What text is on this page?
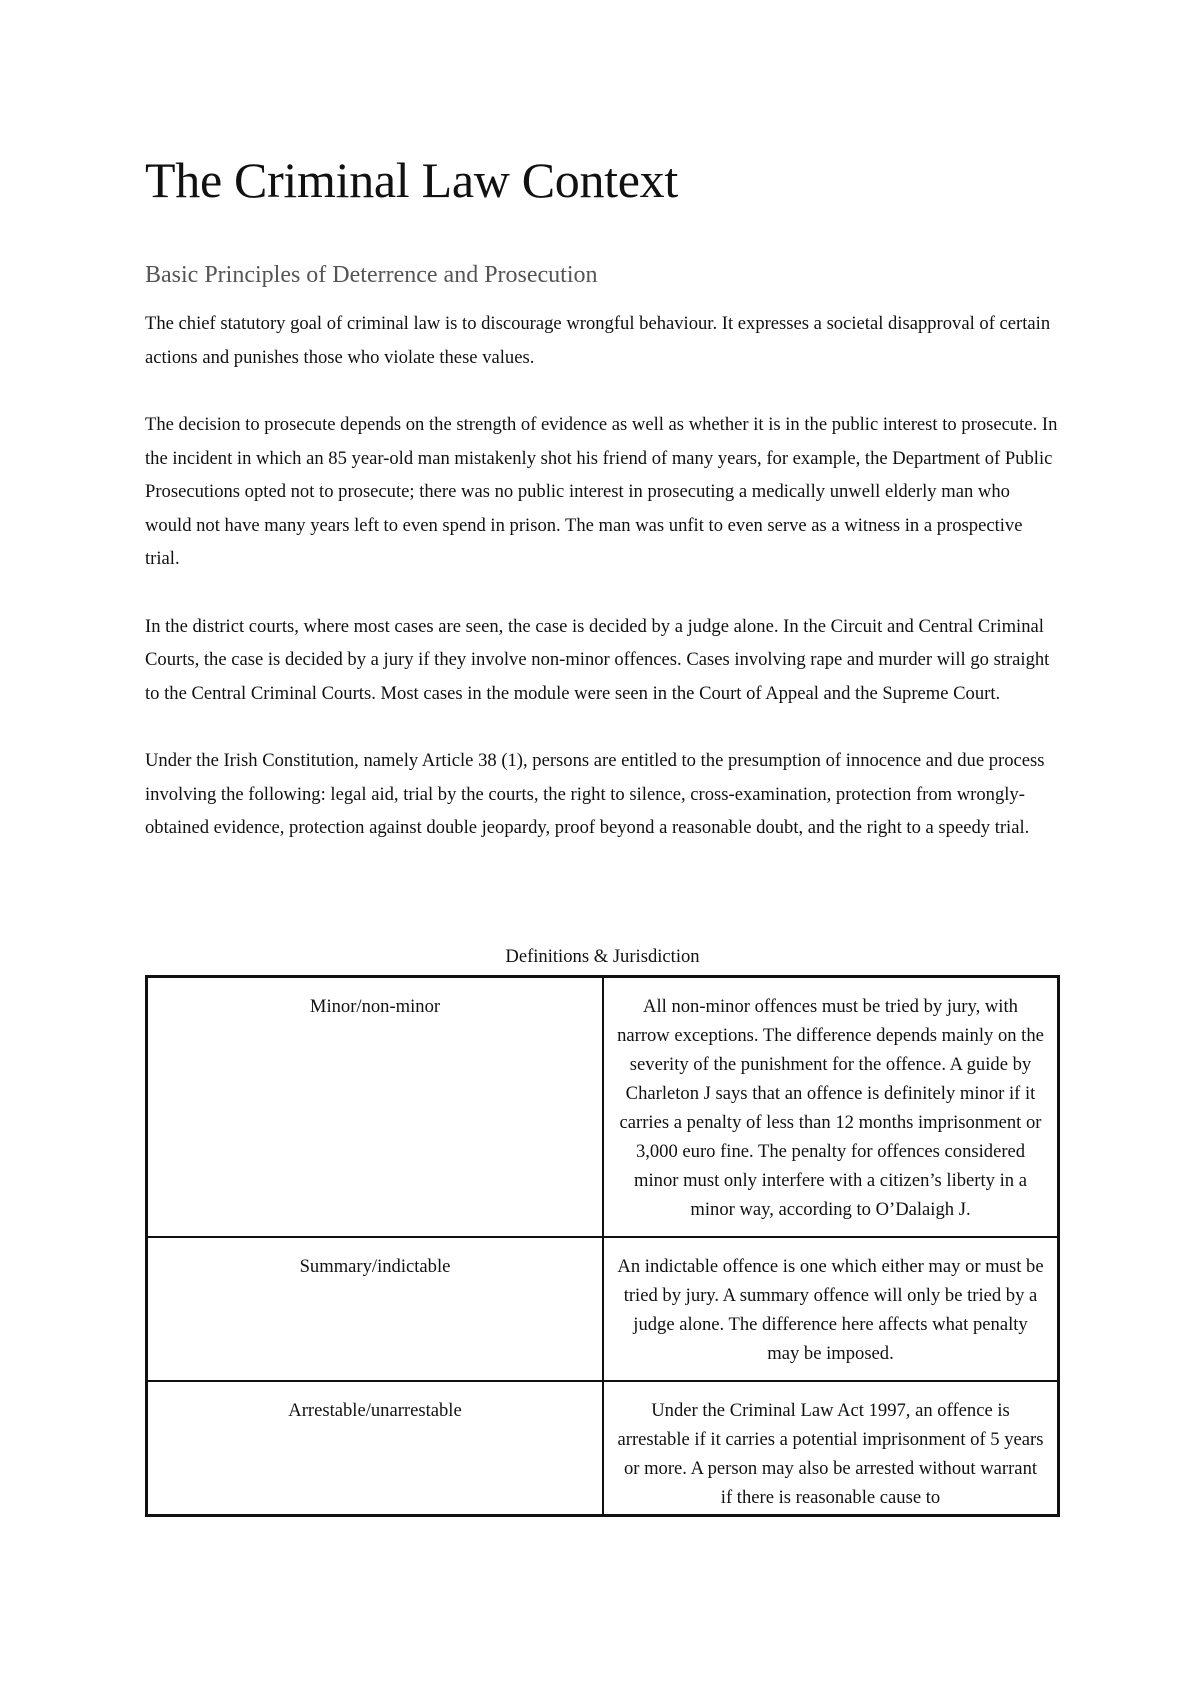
The Criminal Law Context
Basic Principles of Deterrence and Prosecution

The chief statutory goal of criminal law is to discourage wrongful behaviour. It expresses a societal disapproval of certain actions and punishes those who violate these values.

The decision to prosecute depends on the strength of evidence as well as whether it is in the public interest to prosecute. In the incident in which an 85 year-old man mistakenly shot his friend of many years, for example, the Department of Public Prosecutions opted not to prosecute; there was no public interest in prosecuting a medically unwell elderly man who would not have many years left to even spend in prison. The man was unfit to even serve as a witness in a prospective trial.

In the district courts, where most cases are seen, the case is decided by a judge alone. In the Circuit and Central Criminal Courts, the case is decided by a jury if they involve non-minor offences. Cases involving rape and murder will go straight to the Central Criminal Courts. Most cases in the module were seen in the Court of Appeal and the Supreme Court.

Under the Irish Constitution, namely Article 38 (1), persons are entitled to the presumption of innocence and due process involving the following: legal aid, trial by the courts, the right to silence, cross-examination, protection from wrongly-obtained evidence, protection against double jeopardy, proof beyond a reasonable doubt, and the right to a speedy trial.

Definitions & Jurisdiction
Minor/non-minor	All non-minor offences must be tried by jury, with narrow exceptions. The difference depends mainly on the severity of the punishment for the offence. A guide by Charleton J says that an offence is definitely minor if it carries a penalty of less than 12 months imprisonment or 3,000 euro fine. The penalty for offences considered minor must only interfere with a citizen’s liberty in a minor way, according to O’Dalaigh J.
Summary/indictable	An indictable offence is one which either may or must be tried by jury. A summary offence will only be tried by a judge alone. The difference here affects what penalty may be imposed.
Arrestable/unarrestable	Under the Criminal Law Act 1997, an offence is arrestable if it carries a potential imprisonment of 5 years or more. A person may also be arrested without warrant if there is reasonable cause to
